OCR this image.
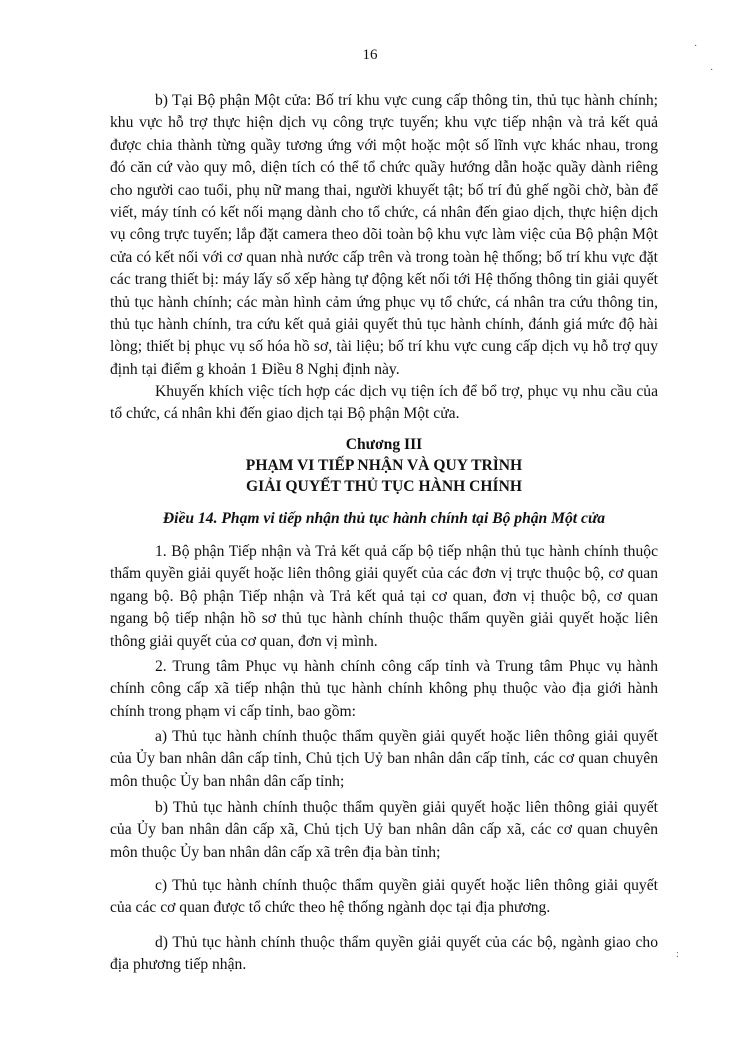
16

b) Tại Bộ phận Một cửa: Bố trí khu vực cung cấp thông tin, thủ tục hành chính; khu vực hỗ trợ thực hiện dịch vụ công trực tuyến; khu vực tiếp nhận và trả kết quả được chia thành từng quầy tương ứng với một hoặc một số lĩnh vực khác nhau, trong đó căn cứ vào quy mô, diện tích có thể tổ chức quầy hướng dẫn hoặc quầy dành riêng cho người cao tuổi, phụ nữ mang thai, người khuyết tật; bố trí đủ ghế ngồi chờ, bàn để viết, máy tính có kết nối mạng dành cho tổ chức, cá nhân đến giao dịch, thực hiện dịch vụ công trực tuyến; lắp đặt camera theo dõi toàn bộ khu vực làm việc của Bộ phận Một cửa có kết nối với cơ quan nhà nước cấp trên và trong toàn hệ thống; bố trí khu vực đặt các trang thiết bị: máy lấy số xếp hàng tự động kết nối tới Hệ thống thông tin giải quyết thủ tục hành chính; các màn hình cảm ứng phục vụ tổ chức, cá nhân tra cứu thông tin, thủ tục hành chính, tra cứu kết quả giải quyết thủ tục hành chính, đánh giá mức độ hài lòng; thiết bị phục vụ số hóa hồ sơ, tài liệu; bố trí khu vực cung cấp dịch vụ hỗ trợ quy định tại điểm g khoản 1 Điều 8 Nghị định này.

Khuyến khích việc tích hợp các dịch vụ tiện ích để bổ trợ, phục vụ nhu cầu của tổ chức, cá nhân khi đến giao dịch tại Bộ phận Một cửa.

Chương III

PHẠM VI TIẾP NHẬN VÀ QUY TRÌNH

GIẢI QUYẾT THỦ TỤC HÀNH CHÍNH

Điều 14. Phạm vi tiếp nhận thủ tục hành chính tại Bộ phận Một cửa

1. Bộ phận Tiếp nhận và Trả kết quả cấp bộ tiếp nhận thủ tục hành chính thuộc thẩm quyền giải quyết hoặc liên thông giải quyết của các đơn vị trực thuộc bộ, cơ quan ngang bộ. Bộ phận Tiếp nhận và Trả kết quả tại cơ quan, đơn vị thuộc bộ, cơ quan ngang bộ tiếp nhận hồ sơ thủ tục hành chính thuộc thẩm quyền giải quyết hoặc liên thông giải quyết của cơ quan, đơn vị mình.

2. Trung tâm Phục vụ hành chính công cấp tỉnh và Trung tâm Phục vụ hành chính công cấp xã tiếp nhận thủ tục hành chính không phụ thuộc vào địa giới hành chính trong phạm vi cấp tỉnh, bao gồm:

a) Thủ tục hành chính thuộc thẩm quyền giải quyết hoặc liên thông giải quyết của Ủy ban nhân dân cấp tỉnh, Chủ tịch Uỷ ban nhân dân cấp tỉnh, các cơ quan chuyên môn thuộc Ủy ban nhân dân cấp tỉnh;

b) Thủ tục hành chính thuộc thẩm quyền giải quyết hoặc liên thông giải quyết của Ủy ban nhân dân cấp xã, Chủ tịch Uỷ ban nhân dân cấp xã, các cơ quan chuyên môn thuộc Ủy ban nhân dân cấp xã trên địa bàn tỉnh;

c) Thủ tục hành chính thuộc thẩm quyền giải quyết hoặc liên thông giải quyết của các cơ quan được tổ chức theo hệ thống ngành dọc tại địa phương.

d) Thủ tục hành chính thuộc thẩm quyền giải quyết của các bộ, ngành giao cho địa phương tiếp nhận.

·
·
:
